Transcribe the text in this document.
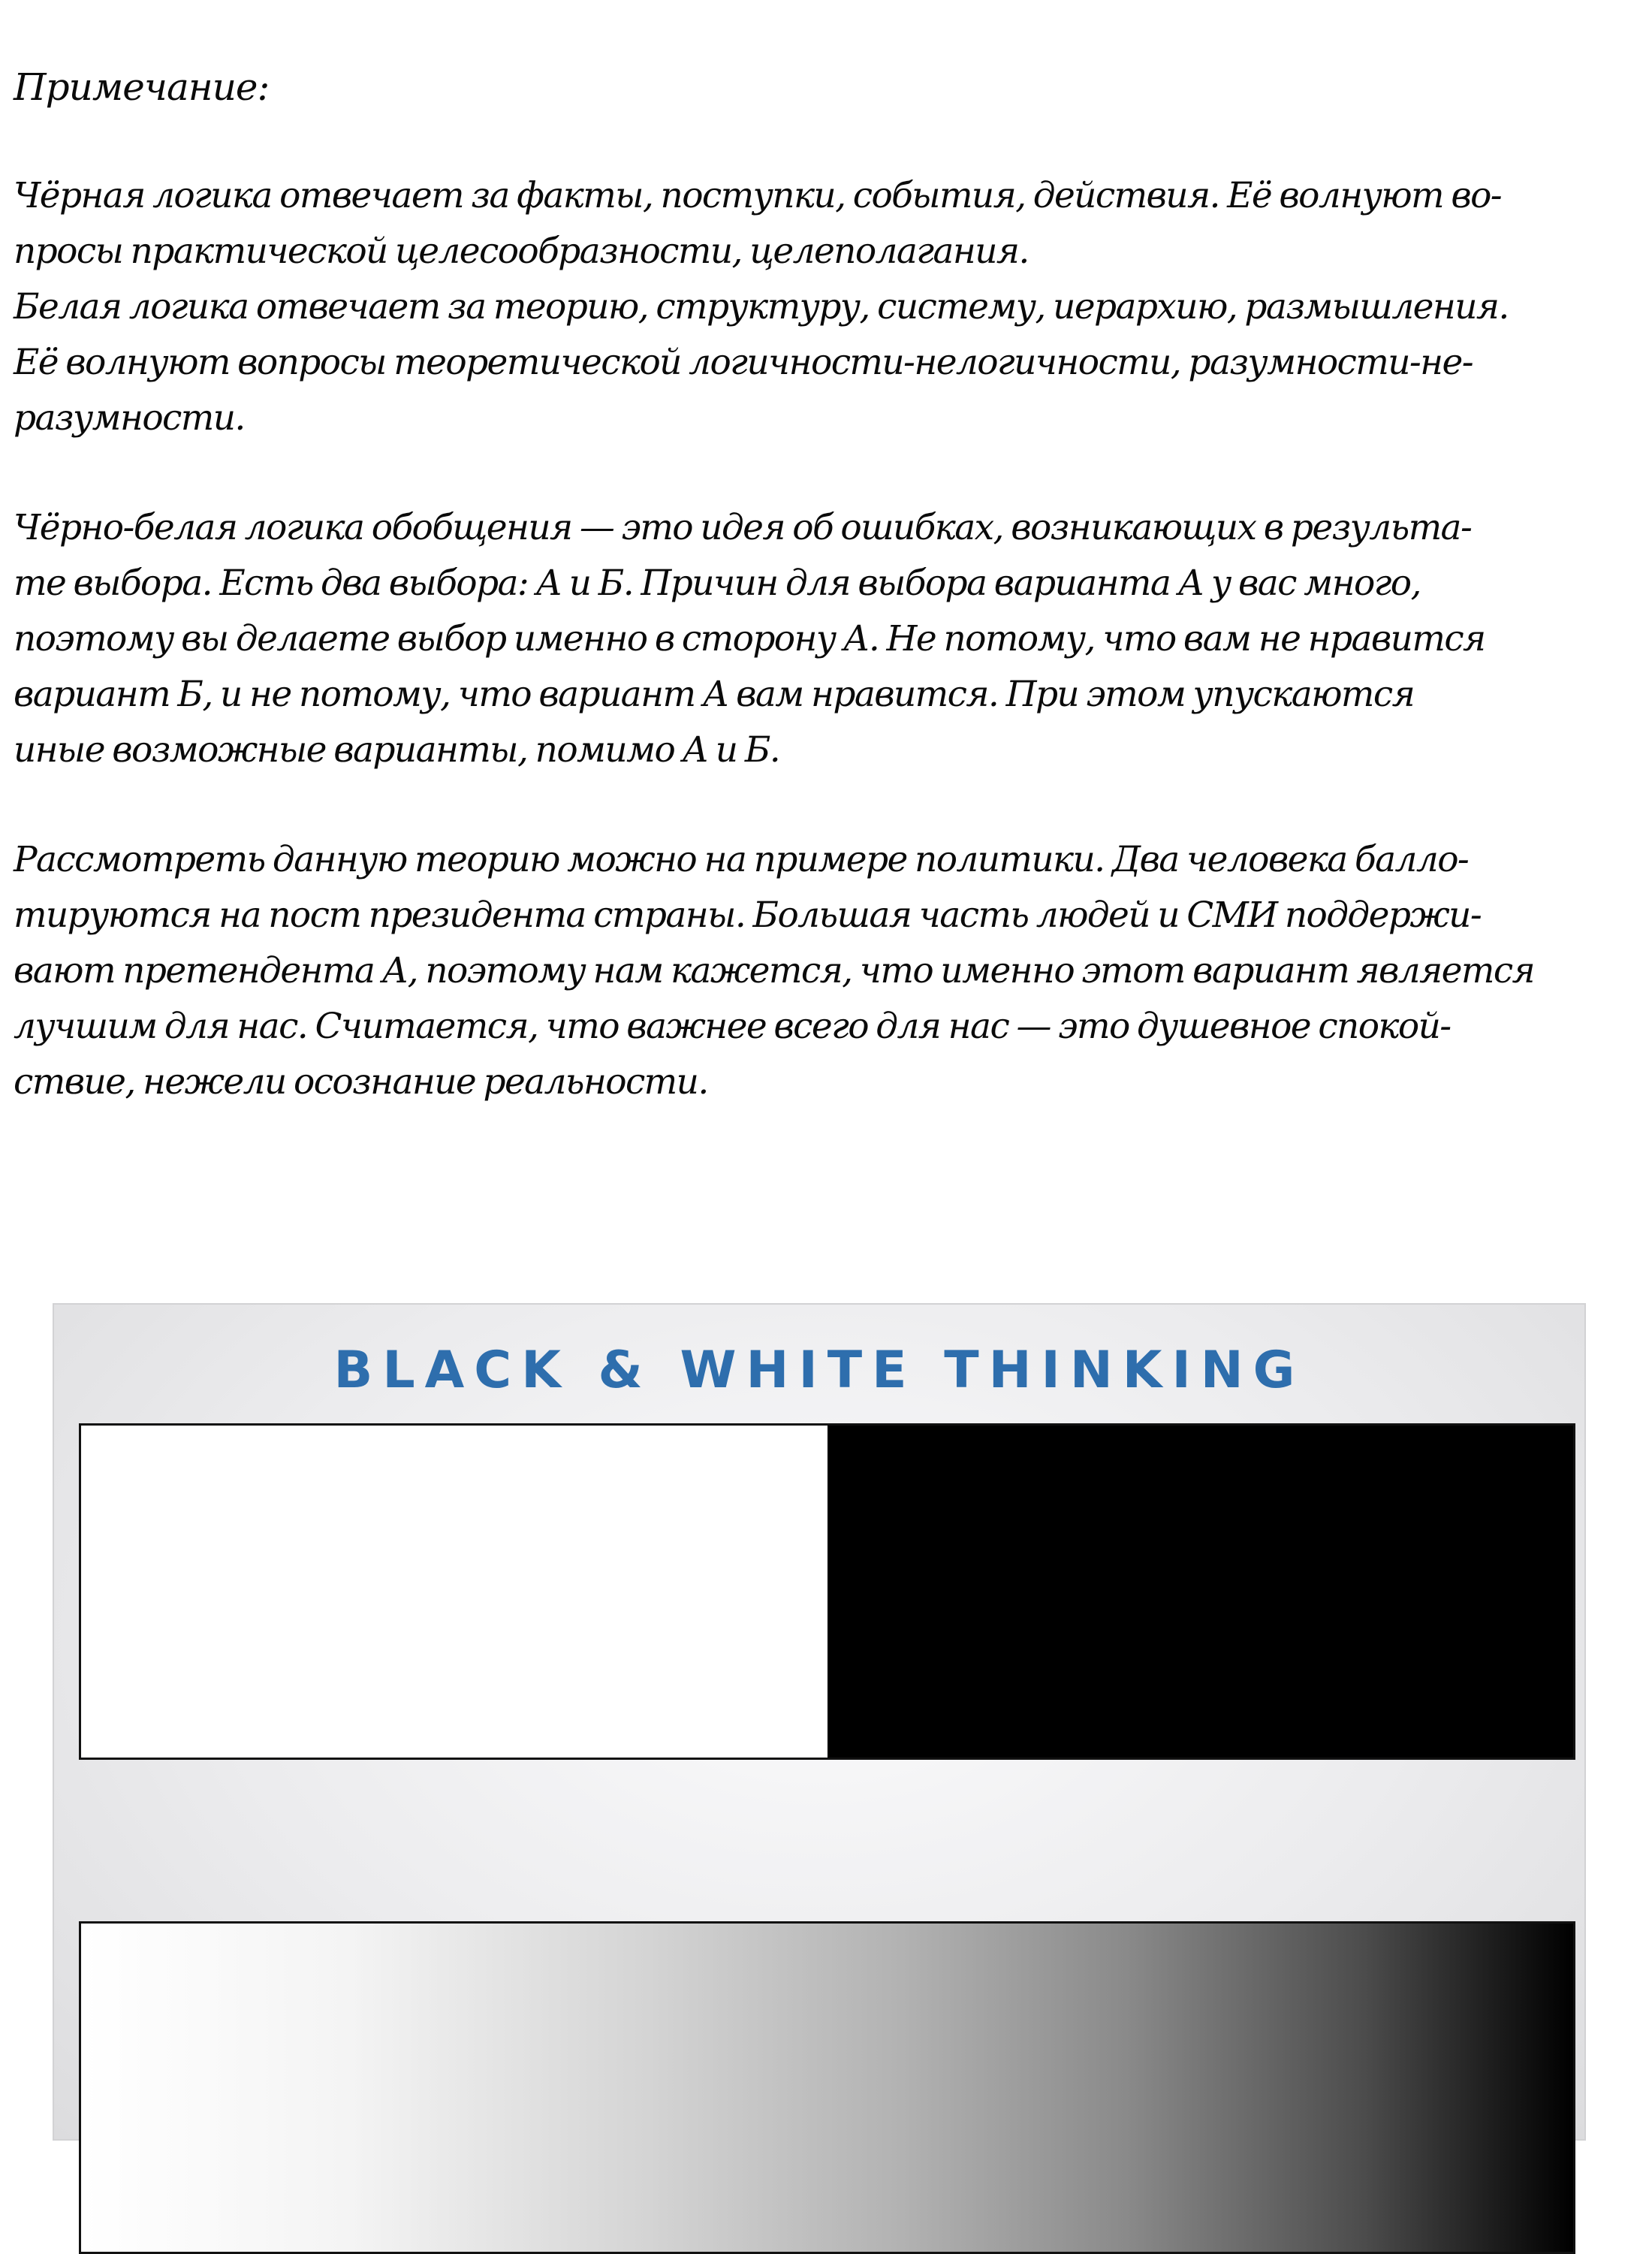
Примечание:
Чёрная логика отвечает за факты, поступки, события, действия. Её волнуют во-
просы практической целесообразности, целеполагания.
Белая логика отвечает за теорию, структуру, систему, иерархию, размышления.
Её волнуют вопросы теоретической логичности-нелогичности, разумности-не-
разумности.
Чёрно-белая логика обобщения — это идея об ошибках, возникающих в результа-
те выбора. Есть два выбора: А и Б. Причин для выбора варианта А у вас много,
поэтому вы делаете выбор именно в сторону А. Не потому, что вам не нравится
вариант Б, и не потому, что вариант А вам нравится. При этом упускаются
иные возможные варианты, помимо А и Б.
Рассмотреть данную теорию можно на примере политики. Два человека балло-
тируются на пост президента страны. Большая часть людей и СМИ поддержи-
вают претендента А, поэтому нам кажется, что именно этот вариант является
лучшим для нас. Считается, что важнее всего для нас — это душевное спокой-
ствие, нежели осознание реальности.
BLACK & WHITE THINKING
